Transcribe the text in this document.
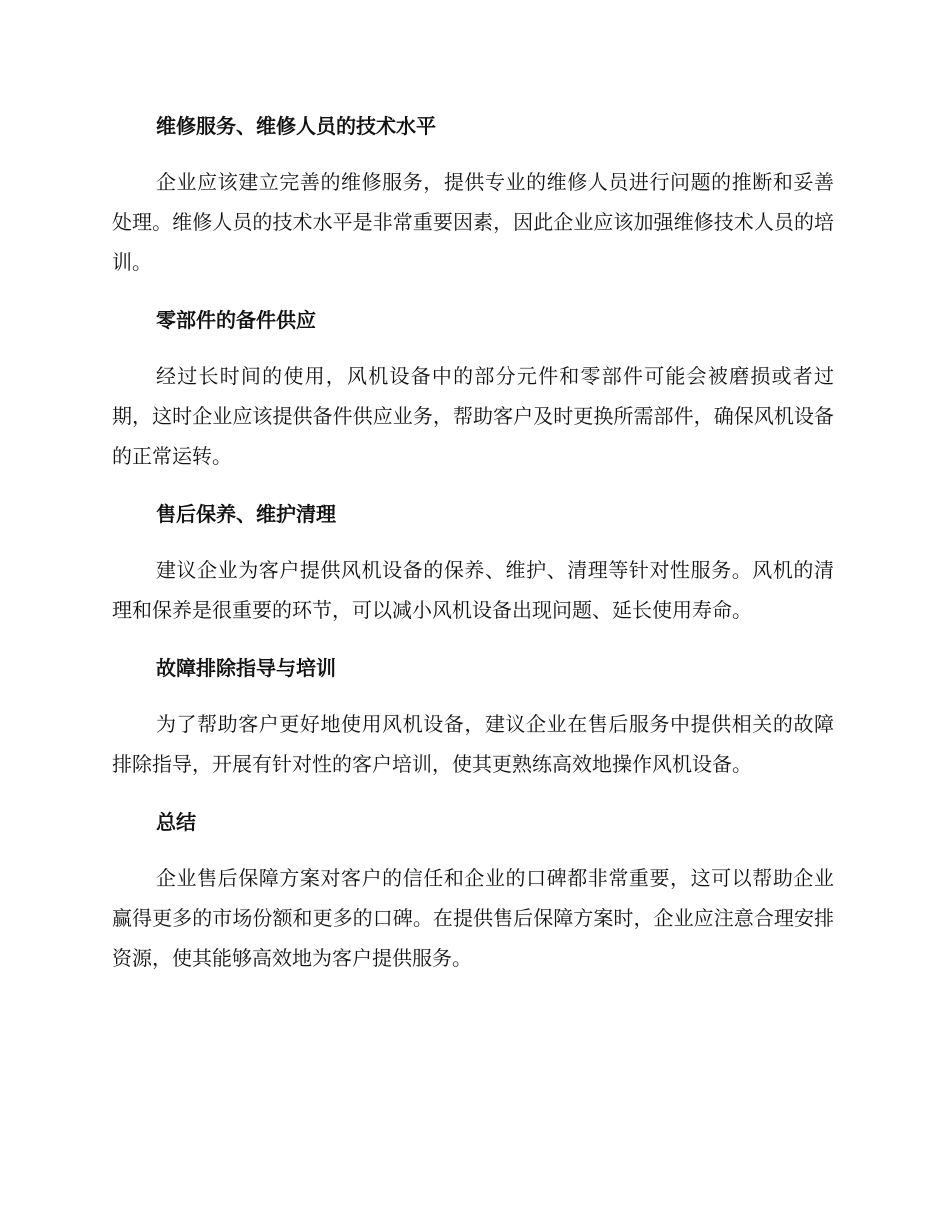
维修服务、维修人员的技术水平
企业应该建立完善的维修服务，提供专业的维修人员进行问题的推断和妥善处理。维修人员的技术水平是非常重要因素，因此企业应该加强维修技术人员的培训。
零部件的备件供应
经过长时间的使用，风机设备中的部分元件和零部件可能会被磨损或者过期，这时企业应该提供备件供应业务，帮助客户及时更换所需部件，确保风机设备的正常运转。
售后保养、维护清理
建议企业为客户提供风机设备的保养、维护、清理等针对性服务。风机的清理和保养是很重要的环节，可以减小风机设备出现问题、延长使用寿命。
故障排除指导与培训
为了帮助客户更好地使用风机设备，建议企业在售后服务中提供相关的故障排除指导，开展有针对性的客户培训，使其更熟练高效地操作风机设备。
总结
企业售后保障方案对客户的信任和企业的口碑都非常重要，这可以帮助企业赢得更多的市场份额和更多的口碑。在提供售后保障方案时，企业应注意合理安排资源，使其能够高效地为客户提供服务。
